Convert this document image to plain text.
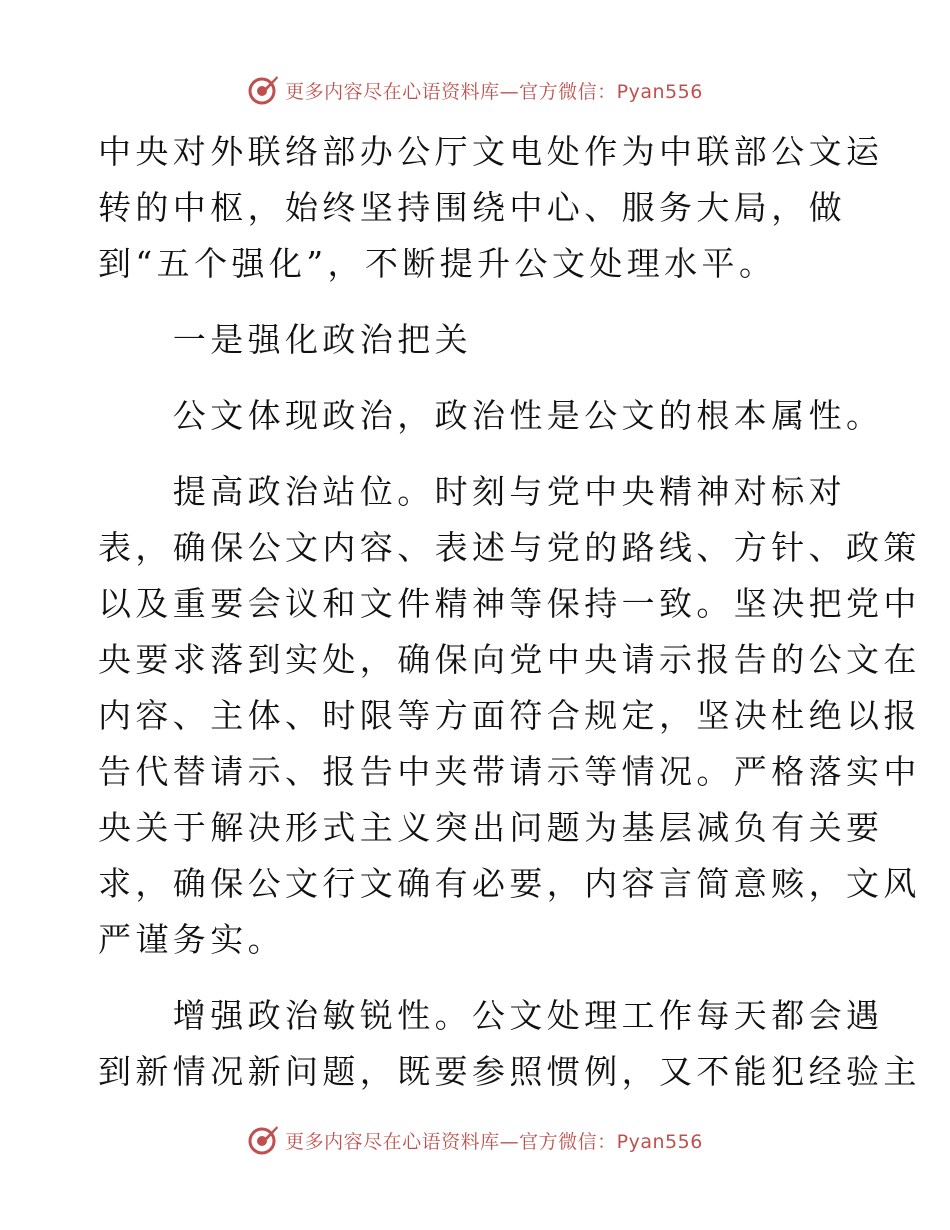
更多内容尽在心语资料库—官方微信：Pyan556

中央对外联络部办公厅文电处作为中联部公文运
转的中枢，始终坚持围绕中心、服务大局，做
到“五个强化”，不断提升公文处理水平。

　　一是强化政治把关

　　公文体现政治，政治性是公文的根本属性。

　　提高政治站位。时刻与党中央精神对标对
表，确保公文内容、表述与党的路线、方针、政策
以及重要会议和文件精神等保持一致。坚决把党中
央要求落到实处，确保向党中央请示报告的公文在
内容、主体、时限等方面符合规定，坚决杜绝以报
告代替请示、报告中夹带请示等情况。严格落实中
央关于解决形式主义突出问题为基层减负有关要
求，确保公文行文确有必要，内容言简意赅，文风
严谨务实。

　　增强政治敏锐性。公文处理工作每天都会遇
到新情况新问题，既要参照惯例，又不能犯经验主

更多内容尽在心语资料库—官方微信：Pyan556
